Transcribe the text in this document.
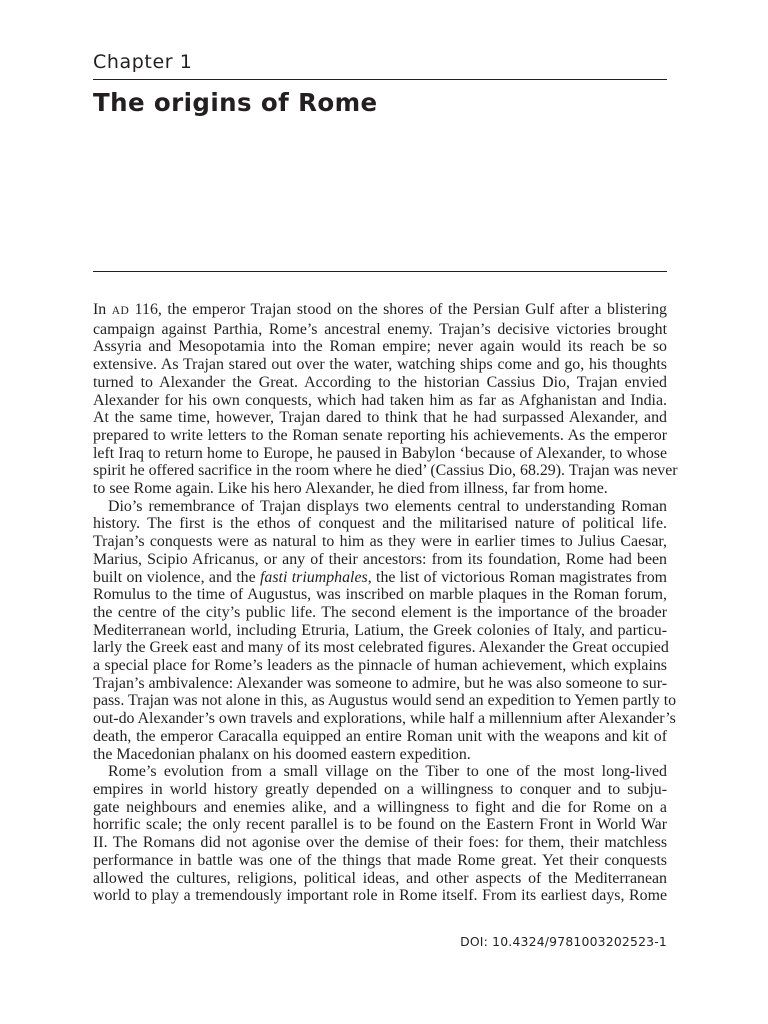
Chapter 1
The origins of Rome
In AD 116, the emperor Trajan stood on the shores of the Persian Gulf after a blistering
campaign against Parthia, Rome’s ancestral enemy. Trajan’s decisive victories brought
Assyria and Mesopotamia into the Roman empire; never again would its reach be so
extensive. As Trajan stared out over the water, watching ships come and go, his thoughts
turned to Alexander the Great. According to the historian Cassius Dio, Trajan envied
Alexander for his own conquests, which had taken him as far as Afghanistan and India.
At the same time, however, Trajan dared to think that he had surpassed Alexander, and
prepared to write letters to the Roman senate reporting his achievements. As the emperor
left Iraq to return home to Europe, he paused in Babylon ‘because of Alexander, to whose
spirit he offered sacrifice in the room where he died’ (Cassius Dio, 68.29). Trajan was never
to see Rome again. Like his hero Alexander, he died from illness, far from home.
Dio’s remembrance of Trajan displays two elements central to understanding Roman
history. The first is the ethos of conquest and the militarised nature of political life.
Trajan’s conquests were as natural to him as they were in earlier times to Julius Caesar,
Marius, Scipio Africanus, or any of their ancestors: from its foundation, Rome had been
built on violence, and the fasti triumphales, the list of victorious Roman magistrates from
Romulus to the time of Augustus, was inscribed on marble plaques in the Roman forum,
the centre of the city’s public life. The second element is the importance of the broader
Mediterranean world, including Etruria, Latium, the Greek colonies of Italy, and particu-
larly the Greek east and many of its most celebrated figures. Alexander the Great occupied
a special place for Rome’s leaders as the pinnacle of human achievement, which explains
Trajan’s ambivalence: Alexander was someone to admire, but he was also someone to sur-
pass. Trajan was not alone in this, as Augustus would send an expedition to Yemen partly to
out-do Alexander’s own travels and explorations, while half a millennium after Alexander’s
death, the emperor Caracalla equipped an entire Roman unit with the weapons and kit of
the Macedonian phalanx on his doomed eastern expedition.
Rome’s evolution from a small village on the Tiber to one of the most long-lived
empires in world history greatly depended on a willingness to conquer and to subju-
gate neighbours and enemies alike, and a willingness to fight and die for Rome on a
horrific scale; the only recent parallel is to be found on the Eastern Front in World War
II. The Romans did not agonise over the demise of their foes: for them, their matchless
performance in battle was one of the things that made Rome great. Yet their conquests
allowed the cultures, religions, political ideas, and other aspects of the Mediterranean
world to play a tremendously important role in Rome itself. From its earliest days, Rome
DOI: 10.4324/9781003202523-1
